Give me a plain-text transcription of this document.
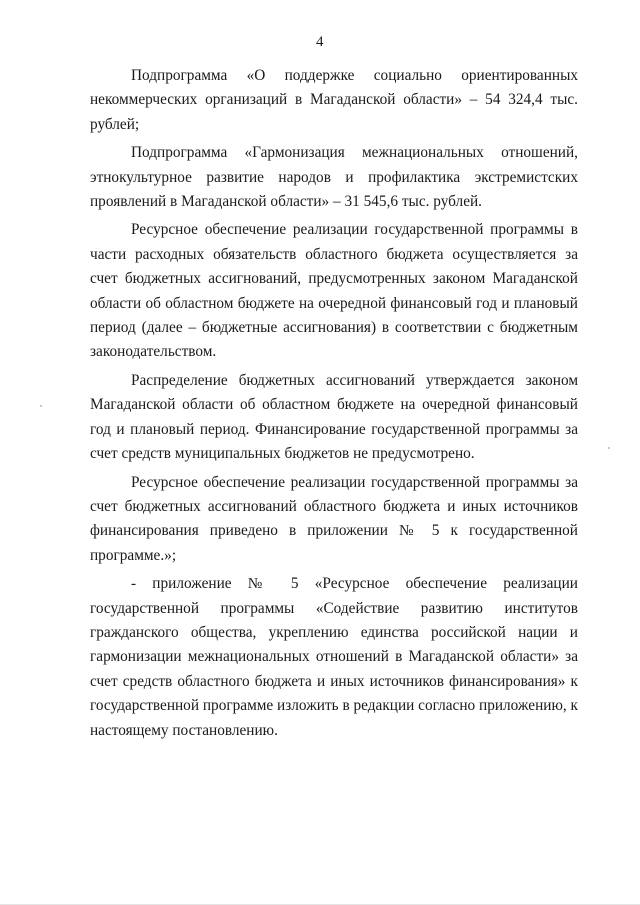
4

Подпрограмма «О поддержке социально ориентированных некоммерческих организаций в Магаданской области» – 54 324,4 тыс. рублей;

Подпрограмма «Гармонизация межнациональных отношений, этнокультурное развитие народов и профилактика экстремистских проявлений в Магаданской области» – 31 545,6 тыс. рублей.

Ресурсное обеспечение реализации государственной программы в части расходных обязательств областного бюджета осуществляется за счет бюджетных ассигнований, предусмотренных законом Магаданской области об областном бюджете на очередной финансовый год и плановый период (далее – бюджетные ассигнования) в соответствии с бюджетным законодательством.

Распределение бюджетных ассигнований утверждается законом Магаданской области об областном бюджете на очередной финансовый год и плановый период. Финансирование государственной программы за счет средств муниципальных бюджетов не предусмотрено.

Ресурсное обеспечение реализации государственной программы за счет бюджетных ассигнований областного бюджета и иных источников финансирования приведено в приложении № 5 к государственной программе.»;

- приложение № 5 «Ресурсное обеспечение реализации государственной программы «Содействие развитию институтов гражданского общества, укреплению единства российской нации и гармонизации межнациональных отношений в Магаданской области» за счет средств областного бюджета и иных источников финансирования» к государственной программе изложить в редакции согласно приложению, к настоящему постановлению.
